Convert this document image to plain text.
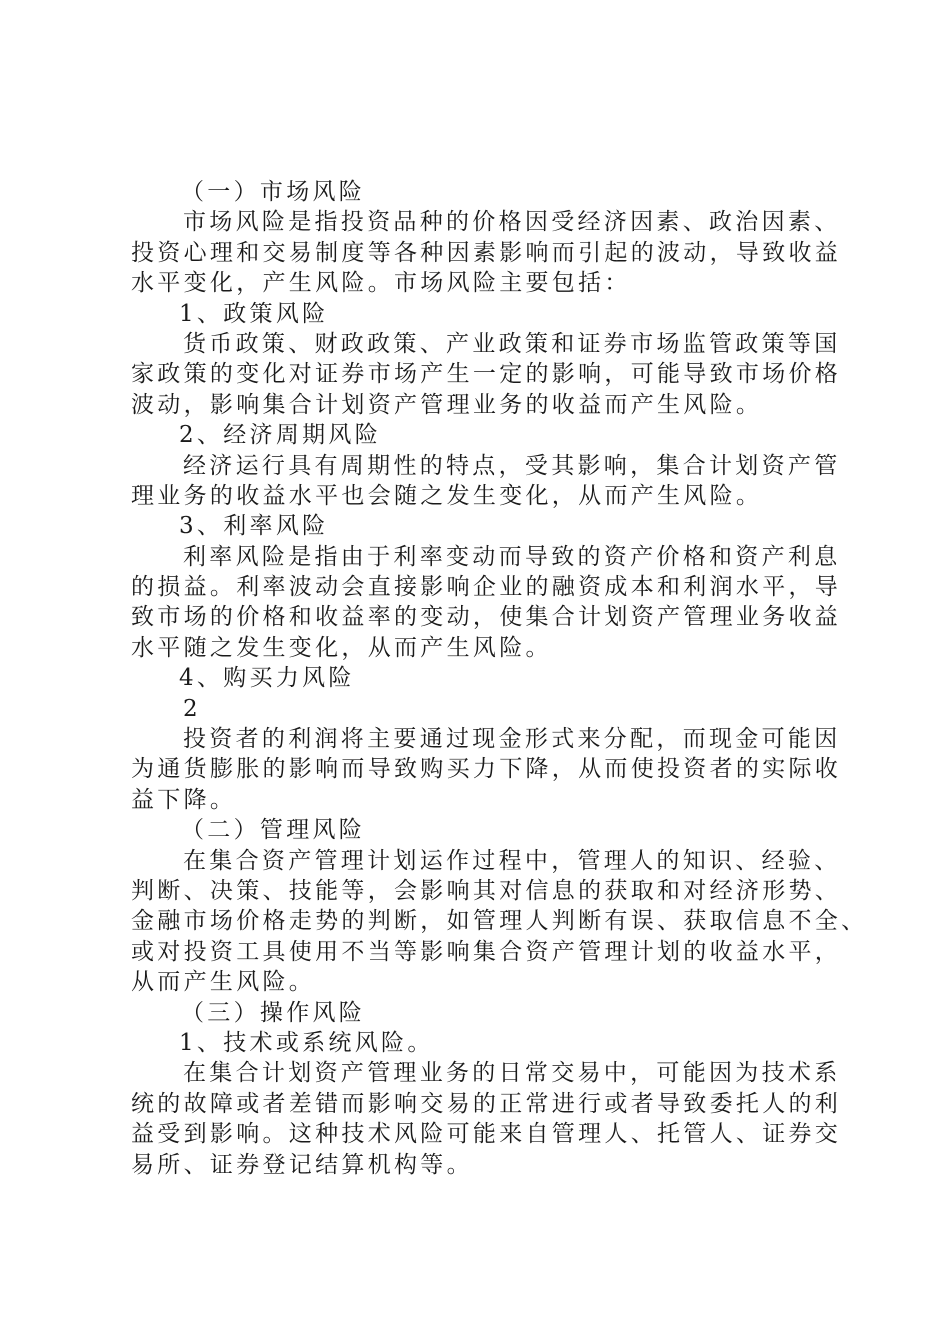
（一）市场风险
市场风险是指投资品种的价格因受经济因素、政治因素、
投资心理和交易制度等各种因素影响而引起的波动，导致收益
水平变化，产生风险。市场风险主要包括：
1、政策风险
货币政策、财政政策、产业政策和证券市场监管政策等国
家政策的变化对证券市场产生一定的影响，可能导致市场价格
波动，影响集合计划资产管理业务的收益而产生风险。
2、经济周期风险
经济运行具有周期性的特点，受其影响，集合计划资产管
理业务的收益水平也会随之发生变化，从而产生风险。
3、利率风险
利率风险是指由于利率变动而导致的资产价格和资产利息
的损益。利率波动会直接影响企业的融资成本和利润水平，导
致市场的价格和收益率的变动，使集合计划资产管理业务收益
水平随之发生变化，从而产生风险。
4、购买力风险
2
投资者的利润将主要通过现金形式来分配，而现金可能因
为通货膨胀的影响而导致购买力下降，从而使投资者的实际收
益下降。
（二）管理风险
在集合资产管理计划运作过程中，管理人的知识、经验、
判断、决策、技能等，会影响其对信息的获取和对经济形势、
金融市场价格走势的判断，如管理人判断有误、获取信息不全、
或对投资工具使用不当等影响集合资产管理计划的收益水平，
从而产生风险。
（三）操作风险
1、技术或系统风险。
在集合计划资产管理业务的日常交易中，可能因为技术系
统的故障或者差错而影响交易的正常进行或者导致委托人的利
益受到影响。这种技术风险可能来自管理人、托管人、证券交
易所、证券登记结算机构等。
